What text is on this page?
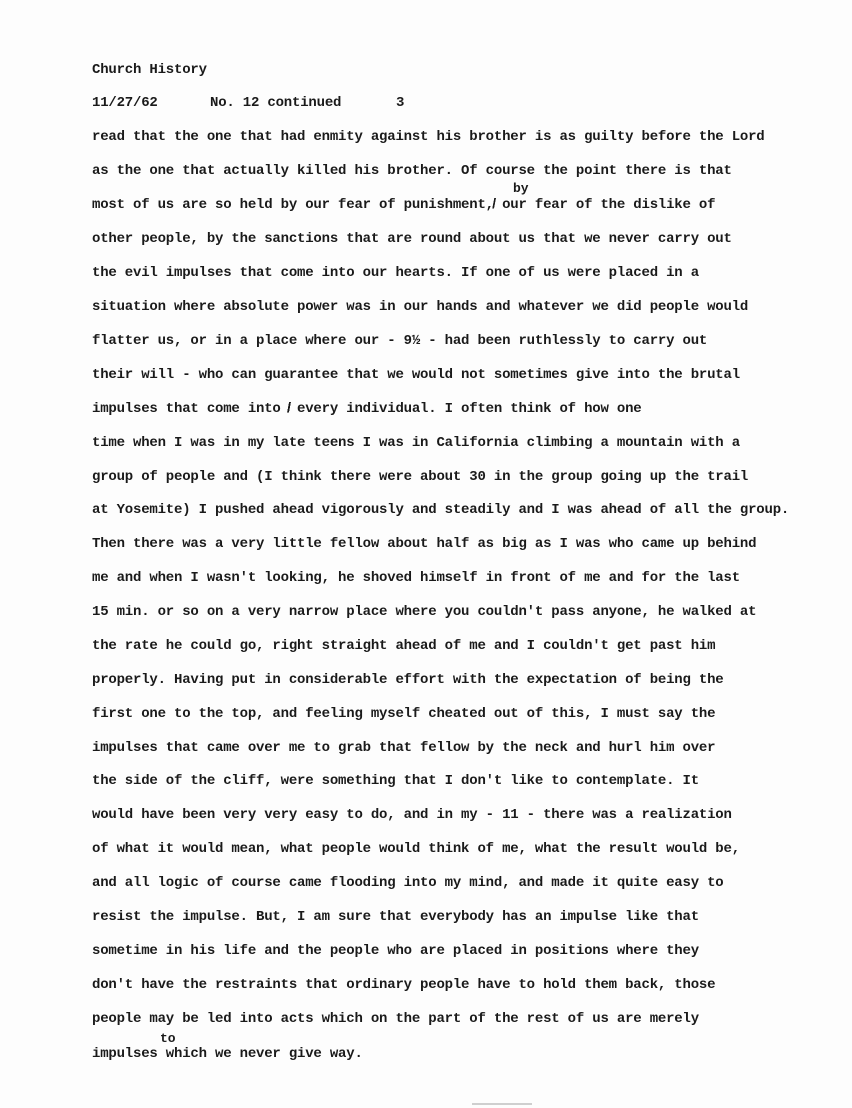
Church History
11/27/62	No. 12 continued	3
by
to
read that the one that had enmity against his brother is as guilty before the Lord
as the one that actually killed his brother. Of course the point there is that
most of us are so held by our fear of punishment,̸̸̸ our fear of the dislike of
other people, by the sanctions that are round about us that we never carry out
the evil impulses that come into our hearts. If one of us were placed in a
situation where absolute power was in our hands and whatever we did people would
flatter us, or in a place where our - 9½ - had been ruthlessly to carry out
their will - who can guarantee that we would not sometimes give into the brutal
impulses that come into ̸̸̸̸̸̸̸̸̸̸ every individual. I often think of how one
time when I was in my late teens I was in California climbing a mountain with a
group of people and (I think there were about 30 in the group going up the trail
at Yosemite) I pushed ahead vigorously and steadily and I was ahead of all the group.
Then there was a very little fellow about half as big as I was who came up behind
me and when I wasn't looking, he shoved himself in front of me and for the last
15 min. or so on a very narrow place where you couldn't pass anyone, he walked at
the rate he could go, right straight ahead of me and I couldn't get past him
properly. Having put in considerable effort with the expectation of being the
first one to the top, and feeling myself cheated out of this, I must say the
impulses that came over me to grab that fellow by the neck and hurl him over
the side of the cliff, were something that I don't like to contemplate. It
would have been very very easy to do, and in my - 11 - there was a realization
of what it would mean, what people would think of me, what the result would be,
and all logic of course came flooding into my mind, and made it quite easy to
resist the impulse. But, I am sure that everybody has an impulse like that
sometime in his life and the people who are placed in positions where they
don't have the restraints that ordinary people have to hold them back, those
people may be led into acts which on the part of the rest of us are merely
impulses which we never give way.
